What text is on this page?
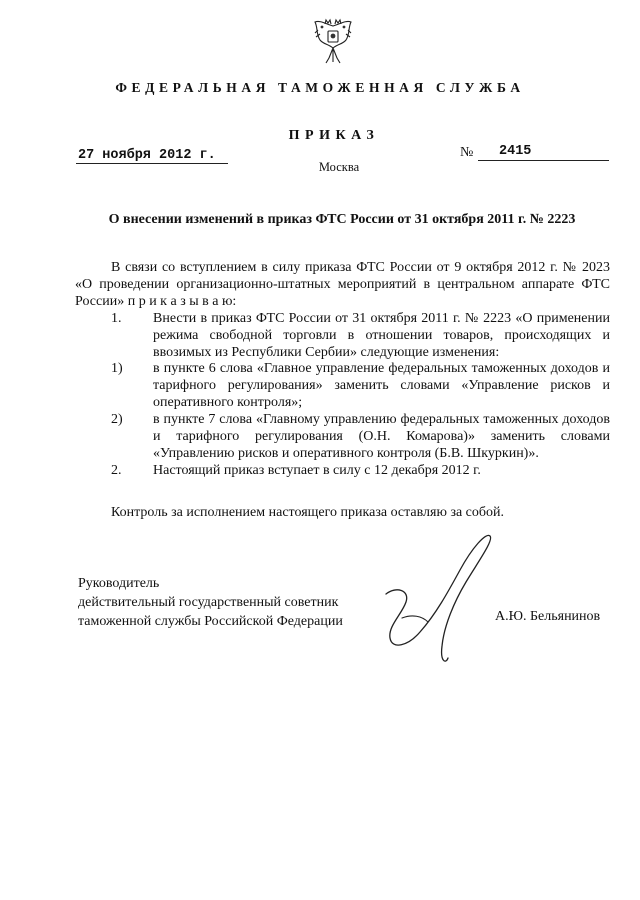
ФЕДЕРАЛЬНАЯ ТАМОЖЕННАЯ СЛУЖБА
ПРИКАЗ
27 ноября 2012 г.	№ 2415
Москва
О внесении изменений в приказ ФТС России от 31 октября 2011 г. № 2223

В связи со вступлением в силу приказа ФТС России от 9 октября 2012 г. № 2023 «О проведении организационно-штатных мероприятий в центральном аппарате ФТС России» п р и к а з ы в а ю:

1.	Внести в приказ ФТС России от 31 октября 2011 г. № 2223 «О применении режима свободной торговли в отношении товаров, происходящих и ввозимых из Республики Сербии» следующие изменения:
1)	в пункте 6 слова «Главное управление федеральных таможенных доходов и тарифного регулирования» заменить словами «Управление рисков и оперативного контроля»;
2)	в пункте 7 слова «Главному управлению федеральных таможенных доходов и тарифного регулирования (О.Н. Комарова)» заменить словами «Управлению рисков и оперативного контроля (Б.В. Шкуркин)».
2.	Настоящий приказ вступает в силу с 12 декабря 2012 г.
Контроль за исполнением настоящего приказа оставляю за собой.
Руководитель
действительный государственный советник
таможенной службы Российской Федерации	А.Ю. Бельянинов
